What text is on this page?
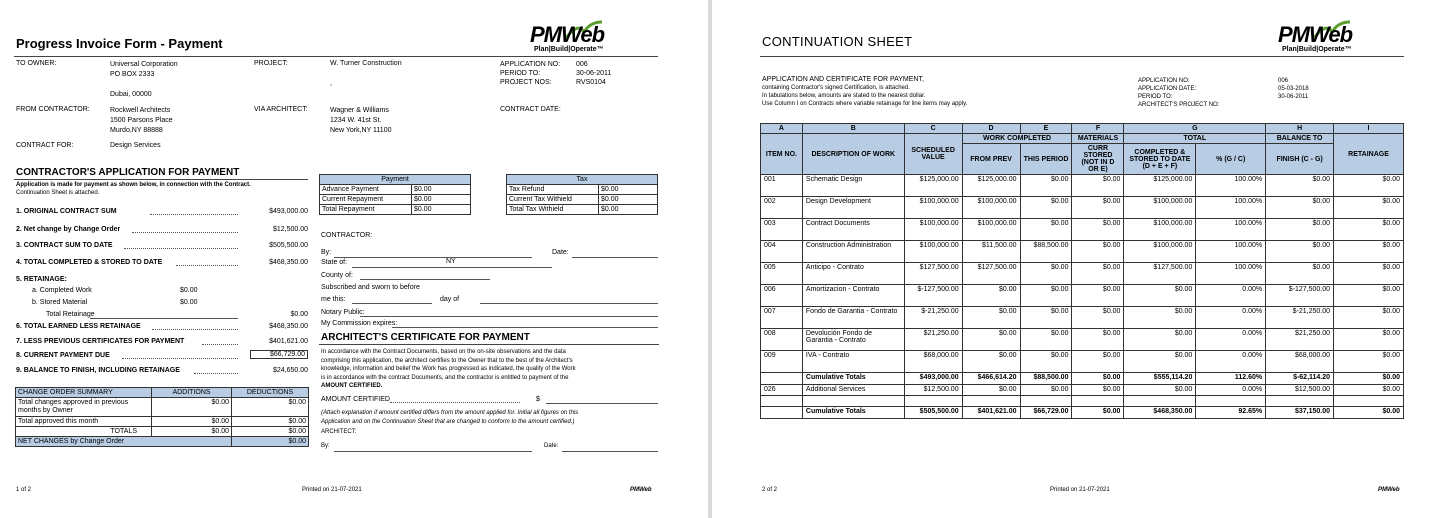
Progress Invoice Form - Payment	PMWeb
Plan|Build|Operate™
TO OWNER:	Universal Corporation
PO BOX 2333
Dubai, 00000
PROJECT:	W. Turner Construction
,
APPLICATION NO: 006
PERIOD TO:	30-06-2011
PROJECT NOS:	RVS0104
FROM CONTRACTOR:	Rockwell Architects
1500 Parsons Place
Murdo,NY 88888
VIA ARCHITECT:	Wagner & Williams
1234 W. 41st St.
New York,NY 11100
CONTRACT DATE:
CONTRACT FOR:	Design Services
CONTRACTOR'S APPLICATION FOR PAYMENT
Application is made for payment as shown below, in connection with the Contract.
Continuation Sheet is attached.
1. ORIGINAL CONTRACT SUM	$493,000.00
2. Net change by Change Order	$12,500.00
3. CONTRACT SUM TO DATE	$505,500.00
4. TOTAL COMPLETED & STORED TO DATE	$468,350.00
5. RETAINAGE:
a. Completed Work	$0.00
b. Stored Material	$0.00
Total Retainage	$0.00
6. TOTAL EARNED LESS RETAINAGE	$468,350.00
7. LESS PREVIOUS CERTIFICATES FOR PAYMENT	$401,621.00
8. CURRENT PAYMENT DUE	$66,729.00
9. BALANCE TO FINISH, INCLUDING RETAINAGE	$24,650.00
CHANGE ORDER SUMMARY	ADDITIONS	DEDUCTIONS
Total changes approved in previous months by Owner	$0.00	$0.00
Total approved this month	$0.00	$0.00
TOTALS	$0.00	$0.00
NET CHANGES by Change Order		$0.00
Payment	
Advance Payment	$0.00
Current Repayment	$0.00
Total Repayment	$0.00
Tax	
Tax Refund	$0.00
Current Tax Withield	$0.00
Total Tax Withield	$0.00
CONTRACTOR:
By:	Date:
State of:	NY
County of:
Subscribed and sworn to before
me this:	day of
Notary Public:
My Commission expires:
ARCHITECT'S CERTIFICATE FOR PAYMENT
In accordance with the Contract Documents, based on the on-site observations and the data
comprising this application, the architect certifies to the Owner that to the best of the Architect's
knowledge, information and belief the Work has progressed as indicated, the quality of the Work
is in accordance with the contract Documents, and the contractor is entitled to payment of the
AMOUNT CERTIFIED.
AMOUNT CERTIFIED	$
(Attach explanation if amount certified differs from the amount applied for. Initial all figures on this
Application and on the Continuation Sheet that are changed to conform to the amount certified.)
ARCHITECT:
By:	Date:
1 of 2	Printed on 21-07-2021	PMWeb
CONTINUATION SHEET	PMWeb
Plan|Build|Operate™
APPLICATION AND CERTIFICATE FOR PAYMENT,
containing Contractor's signed Certification, is attached.
In tabulations below, amounts are stated to the nearest dollar.
Use Column I on Contracts where variable retainage for line items may apply.
APPLICATION NO:	006
APPLICATION DATE:	05-03-2018
PERIOD TO:	30-06-2011
ARCHITECT'S PROJECT NO:
A	B	C	D	E	F	G		H	I
ITEM NO.	DESCRIPTION OF WORK	SCHEDULED VALUE	WORK COMPLETED		MATERIALS	TOTAL		BALANCE TO	RETAINAGE
			FROM PREV	THIS PERIOD	CURR STORED (NOT IN D OR E)	COMPLETED & STORED TO DATE (D + E + F)	% (G / C)	FINISH (C - G)	
001	Schematic Design	$125,000.00	$125,000.00	$0.00	$0.00	$125,000.00	100.00%	$0.00	$0.00
002	Design Development	$100,000.00	$100,000.00	$0.00	$0.00	$100,000.00	100.00%	$0.00	$0.00
003	Contract Documents	$100,000.00	$100,000.00	$0.00	$0.00	$100,000.00	100.00%	$0.00	$0.00
004	Construction Administration	$100,000.00	$11,500.00	$88,500.00	$0.00	$100,000.00	100.00%	$0.00	$0.00
005	Anticipo - Contrato	$127,500.00	$127,500.00	$0.00	$0.00	$127,500.00	100.00%	$0.00	$0.00
006	Amortizacion - Contrato	$-127,500.00	$0.00	$0.00	$0.00	$0.00	0.00%	$-127,500.00	$0.00
007	Fondo de Garantia - Contrato	$-21,250.00	$0.00	$0.00	$0.00	$0.00	0.00%	$-21,250.00	$0.00
008	Devolución Fondo de Garantia - Contrato	$21,250.00	$0.00	$0.00	$0.00	$0.00	0.00%	$21,250.00	$0.00
009	IVA - Contrato	$68,000.00	$0.00	$0.00	$0.00	$0.00	0.00%	$68,000.00	$0.00
	Cumulative Totals	$493,000.00	$466,614.20	$88,500.00	$0.00	$555,114.20	112.60%	$-62,114.20	$0.00
026	Additional Services	$12,500.00	$0.00	$0.00	$0.00	$0.00	0.00%	$12,500.00	$0.00

	Cumulative Totals	$505,500.00	$401,621.00	$66,729.00	$0.00	$468,350.00	92.65%	$37,150.00	$0.00
2 of 2	Printed on 21-07-2021	PMWeb
